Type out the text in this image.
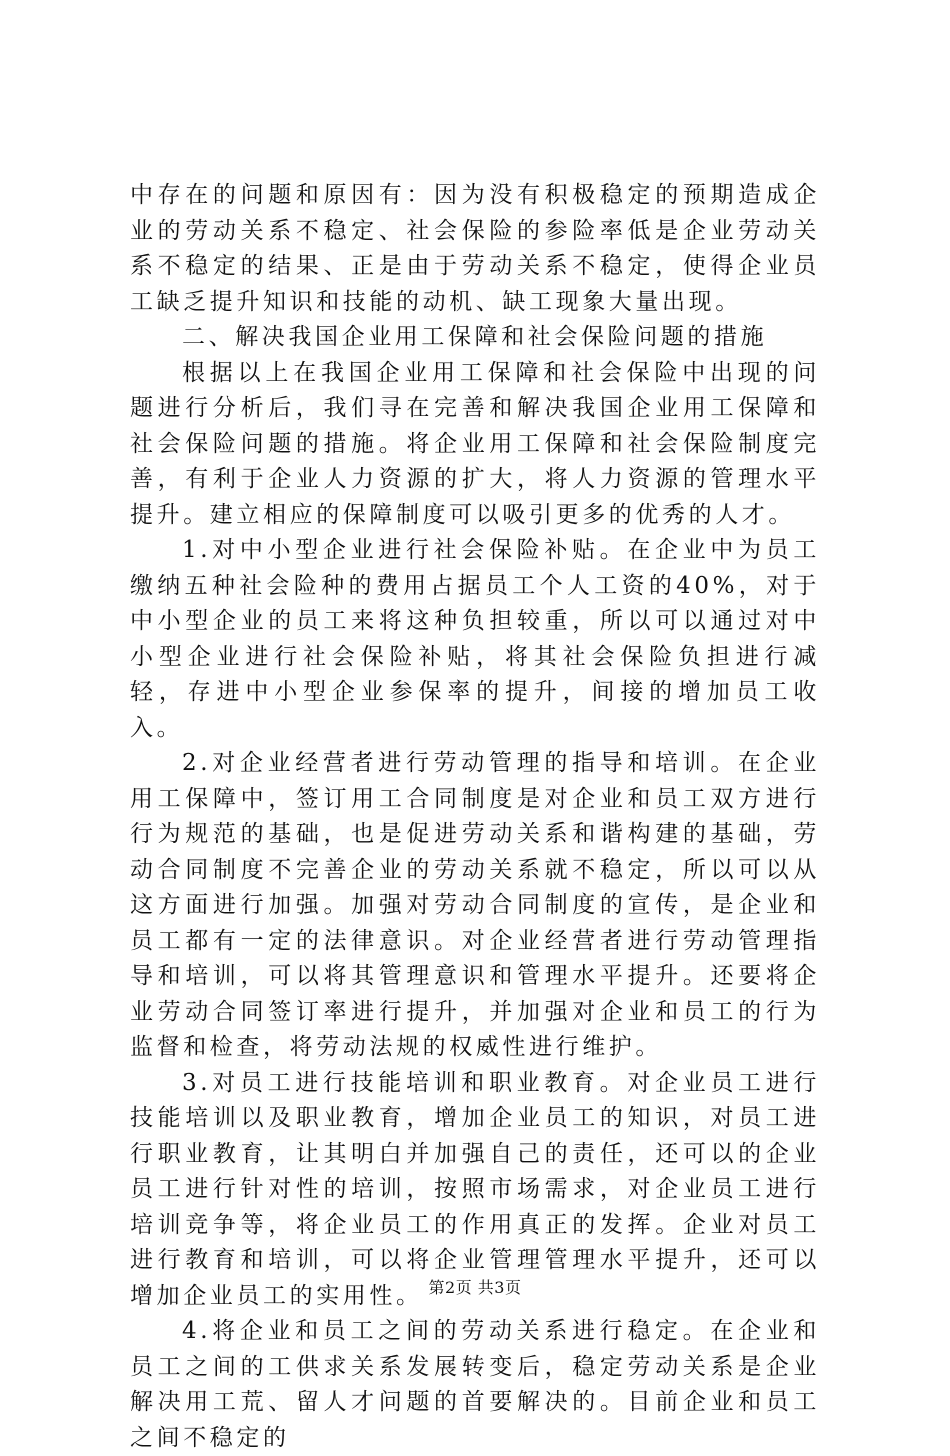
中存在的问题和原因有：因为没有积极稳定的预期造成企业的劳动关系不稳定、社会保险的参险率低是企业劳动关系不稳定的结果、正是由于劳动关系不稳定，使得企业员工缺乏提升知识和技能的动机、缺工现象大量出现。

二、解决我国企业用工保障和社会保险问题的措施

根据以上在我国企业用工保障和社会保险中出现的问题进行分析后，我们寻在完善和解决我国企业用工保障和社会保险问题的措施。将企业用工保障和社会保险制度完善，有利于企业人力资源的扩大，将人力资源的管理水平提升。建立相应的保障制度可以吸引更多的优秀的人才。

1.对中小型企业进行社会保险补贴。在企业中为员工缴纳五种社会险种的费用占据员工个人工资的40%，对于中小型企业的员工来将这种负担较重，所以可以通过对中小型企业进行社会保险补贴，将其社会保险负担进行减轻，存进中小型企业参保率的提升，间接的增加员工收入。

2.对企业经营者进行劳动管理的指导和培训。在企业用工保障中，签订用工合同制度是对企业和员工双方进行行为规范的基础，也是促进劳动关系和谐构建的基础，劳动合同制度不完善企业的劳动关系就不稳定，所以可以从这方面进行加强。加强对劳动合同制度的宣传，是企业和员工都有一定的法律意识。对企业经营者进行劳动管理指导和培训，可以将其管理意识和管理水平提升。还要将企业劳动合同签订率进行提升，并加强对企业和员工的行为监督和检查，将劳动法规的权威性进行维护。

3.对员工进行技能培训和职业教育。对企业员工进行技能培训以及职业教育，增加企业员工的知识，对员工进行职业教育，让其明白并加强自己的责任，还可以的企业员工进行针对性的培训，按照市场需求，对企业员工进行培训竞争等，将企业员工的作用真正的发挥。企业对员工进行教育和培训，可以将企业管理管理水平提升，还可以增加企业员工的实用性。

4.将企业和员工之间的劳动关系进行稳定。在企业和员工之间的工供求关系发展转变后，稳定劳动关系是企业解决用工荒、留人才问题的首要解决的。目前企业和员工之间不稳定的

第2页 共3页
